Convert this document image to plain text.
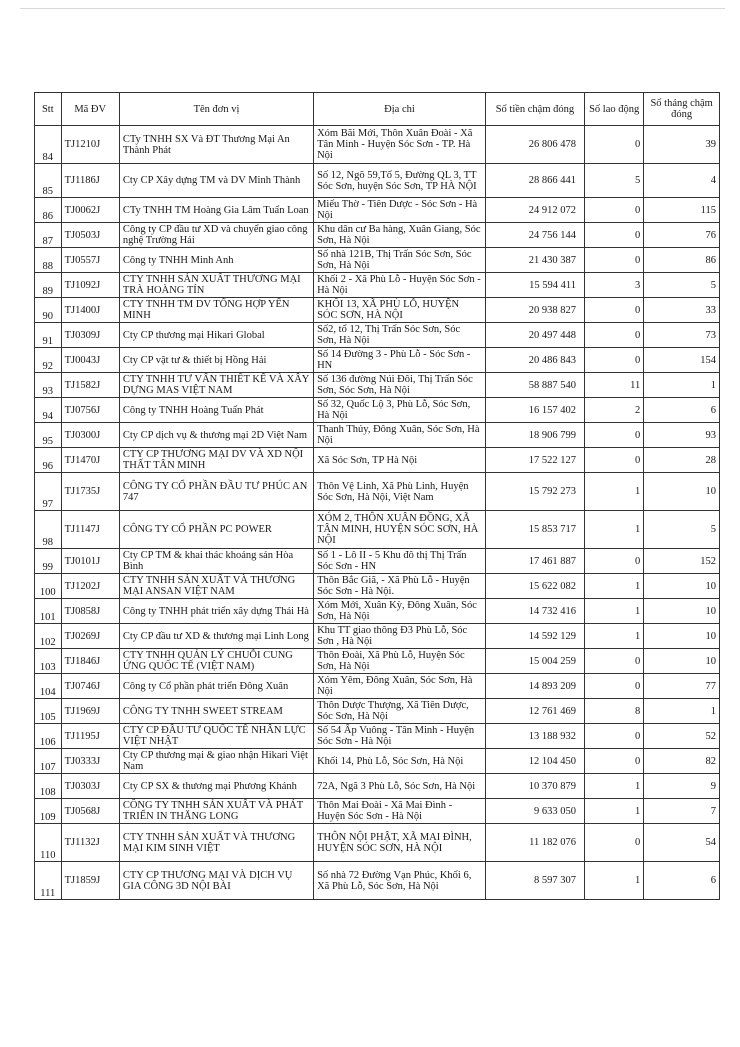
Stt	Mã ĐV	Tên đơn vị	Địa chỉ	Số tiền chậm đóng	Số lao động	Số tháng chậm đóng
84	TJ1210J	CTy TNHH SX Và ĐT Thương Mại An Thành Phát	Xóm Bãi Mới, Thôn Xuân Đoài - Xã Tân Minh - Huyện Sóc Sơn - TP. Hà Nội	26 806 478	0	39
85	TJ1186J	Cty CP Xây dựng TM và DV Minh Thành	Số 12, Ngõ 59,Tổ 5, Đường QL 3, TT Sóc Sơn, huyện Sóc Sơn, TP HÀ NỘI	28 866 441	5	4
86	TJ0062J	CTy TNHH TM Hoàng Gia Lâm Tuấn Loan	Miếu Thờ - Tiên Dược - Sóc Sơn - Hà Nội	24 912 072	0	115
87	TJ0503J	Công ty CP đầu tư XD và chuyển giao công nghệ Trường Hải	Khu dân cư Ba hàng, Xuân Giang, Sóc Sơn, Hà Nội	24 756 144	0	76
88	TJ0557J	Công ty TNHH Minh Anh	Số nhà 121B, Thị Trấn Sóc Sơn, Sóc Sơn, Hà Nội	21 430 387	0	86
89	TJ1092J	CTY TNHH SẢN XUẤT THƯƠNG MẠI TRÀ HOÀNG TÍN	Khối 2 - Xã Phù Lỗ - Huyện Sóc Sơn - Hà Nội	15 594 411	3	5
90	TJ1400J	CTY TNHH TM DV TỔNG HỢP YẾN MINH	KHỐI 13, XÃ PHÙ LỖ, HUYỆN SÓC SƠN, HÀ NỘI	20 938 827	0	33
91	TJ0309J	Cty CP thương mại Hikari Global	Số2, tổ 12, Thị Trấn Sóc Sơn, Sóc Sơn, Hà Nội	20 497 448	0	73
92	TJ0043J	Cty CP vật tư & thiết bị Hồng Hải	Số 14 Đường 3 - Phù Lỗ - Sóc Sơn - HN	20 486 843	0	154
93	TJ1582J	CTY TNHH TƯ VẤN THIẾT KẾ VÀ XÂY DỰNG MAS VIỆT NAM	Số 136 đường Núi Đôi, Thị Trấn Sóc Sơn, Sóc Sơn, Hà Nội	58 887 540	11	1
94	TJ0756J	Công ty TNHH Hoàng Tuấn Phát	Số 32, Quốc Lộ 3, Phù Lỗ, Sóc Sơn, Hà Nội	16 157 402	2	6
95	TJ0300J	Cty CP dịch vụ & thương mại 2D Việt Nam	Thanh Thủy, Đông Xuân, Sóc Sơn, Hà Nội	18 906 799	0	93
96	TJ1470J	CTY CP THƯƠNG MẠI DV VÀ XD NỘI THẤT TÂN MINH	Xã Sóc Sơn, TP Hà Nội	17 522 127	0	28
97	TJ1735J	CÔNG TY CỔ PHẦN ĐẦU TƯ PHÚC AN 747	Thôn Vệ Linh, Xã Phù Linh, Huyện Sóc Sơn, Hà Nội, Việt Nam	15 792 273	1	10
98	TJ1147J	CÔNG TY CỔ PHẦN PC POWER	XÓM 2, THÔN XUÂN ĐỒNG, XÃ TÂN MINH, HUYỆN SÓC SƠN, HÀ NỘI	15 853 717	1	5
99	TJ0101J	Cty CP TM & khai thác khoáng sản Hòa Bình	Số 1 - Lô II - 5 Khu đô thị Thị Trấn Sóc Sơn - HN	17 461 887	0	152
100	TJ1202J	CTY TNHH SẢN XUẤT VÀ THƯƠNG MẠI ANSAN VIỆT NAM	Thôn Bắc Giã, - Xã Phù Lỗ - Huyện Sóc Sơn - Hà Nội.	15 622 082	1	10
101	TJ0858J	Công ty TNHH phát triển xây dựng Thái Hà	Xóm Mới, Xuân Kỳ, Đông Xuân, Sóc Sơn, Hà Nội	14 732 416	1	10
102	TJ0269J	Cty CP đầu tư XD & thương mại Linh Long	Khu TT giao thông Đ3 Phù Lỗ, Sóc Sơn , Hà Nội	14 592 129	1	10
103	TJ1846J	CTY TNHH QUẢN LÝ CHUỖI CUNG ỨNG QUỐC TẾ (VIỆT NAM)	Thôn Đoài, Xã Phù Lỗ, Huyện Sóc Sơn, Hà Nội	15 004 259	0	10
104	TJ0746J	Công ty Cổ phần phát triển Đông Xuân	Xóm Yêm, Đông Xuân, Sóc Sơn, Hà Nội	14 893 209	0	77
105	TJ1969J	CÔNG TY TNHH SWEET STREAM	Thôn Dược Thượng, Xã Tiên Dược, Sóc Sơn, Hà Nội	12 761 469	8	1
106	TJ1195J	CTY CP ĐẦU TƯ QUỐC TẾ NHÂN LỰC VIỆT NHẬT	Số 54 Ấp Vuông - Tân Minh - Huyện Sóc Sơn - Hà Nội	13 188 932	0	52
107	TJ0333J	Cty CP thương mại & giao nhận Hikari Việt Nam	Khối 14, Phù Lỗ, Sóc Sơn, Hà Nội	12 104 450	0	82
108	TJ0303J	Cty CP SX & thương mại Phương Khánh	72A, Ngã 3 Phù Lỗ, Sóc Sơn, Hà Nội	10 370 879	1	9
109	TJ0568J	CÔNG TY TNHH SẢN XUẤT VÀ PHÁT TRIỂN IN THĂNG LONG	Thôn Mai Đoài - Xã Mai Đình - Huyện Sóc Sơn - Hà Nội	9 633 050	1	7
110	TJ1132J	CTY TNHH SẢN XUẤT VÀ THƯƠNG MẠI KIM SINH VIỆT	THÔN NỘI PHẬT, XÃ MAI ĐÌNH, HUYỆN SÓC SƠN, HÀ NỘI	11 182 076	0	54
111	TJ1859J	CTY CP THƯƠNG MẠI VÀ DỊCH VỤ GIA CÔNG 3D NỘI BÀI	Số nhà 72 Đường Vạn Phúc, Khối 6, Xã Phù Lỗ, Sóc Sơn, Hà Nội	8 597 307	1	6
